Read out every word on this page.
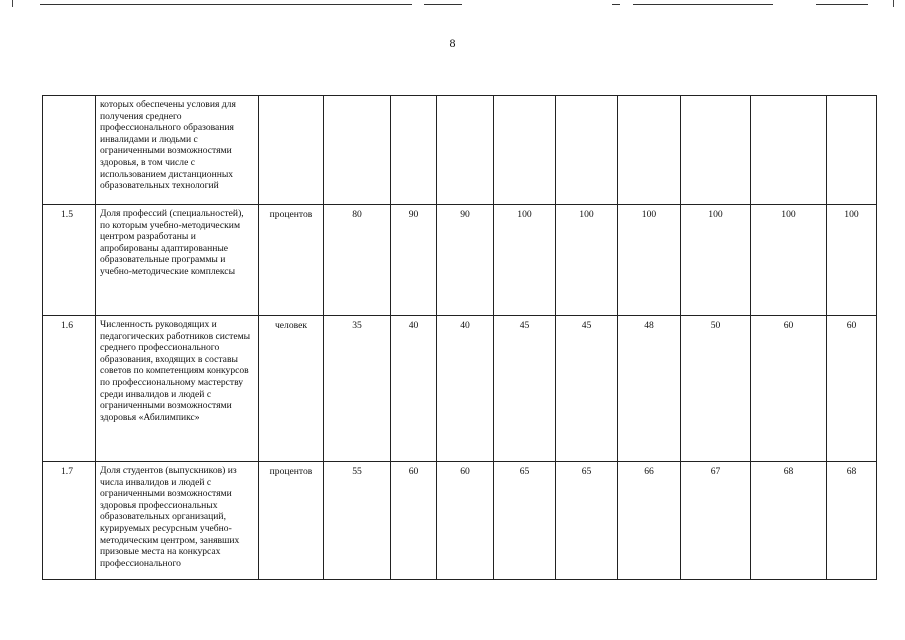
8
	которых обеспечены условия для получения среднего профессионального образования инвалидами и людьми с ограниченными возможностями здоровья, в том числе с использованием дистанционных образовательных технологий										
1.5	Доля профессий (специальностей), по которым учебно-методическим центром разработаны и апробированы адаптированные образовательные программы и учебно-методические комплексы	процентов	80	90	90	100	100	100	100	100	100
1.6	Численность руководящих и педагогических работников системы среднего профессионального образования, входящих в составы советов по компетенциям конкурсов по профессиональному мастерству среди инвалидов и людей с ограниченными возможностями здоровья «Абилимпикс»	человек	35	40	40	45	45	48	50	60	60
1.7	Доля студентов (выпускников) из числа инвалидов и людей с ограниченными возможностями здоровья профессиональных образовательных организаций, курируемых ресурсным учебно-методическим центром, занявших призовые места на конкурсах профессионального	процентов	55	60	60	65	65	66	67	68	68
